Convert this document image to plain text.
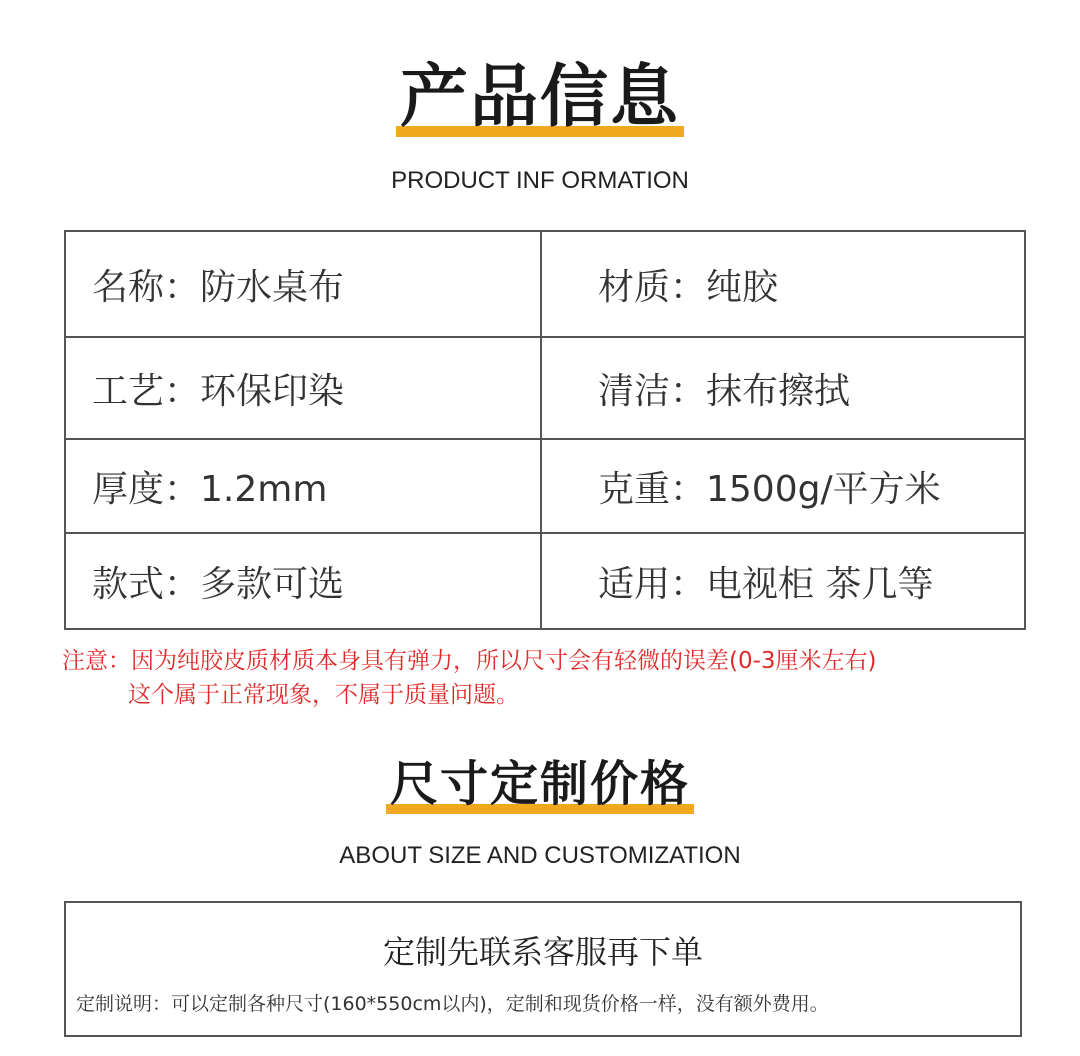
产品信息
PRODUCT INF ORMATION
名称：防水桌布	材质：纯胶
工艺：环保印染	清洁：抹布擦拭
厚度：1.2mm	克重：1500g/平方米
款式：多款可选	适用：电视柜 茶几等
注意：因为纯胶皮质材质本身具有弹力，所以尺寸会有轻微的误差(0-3厘米左右)
这个属于正常现象，不属于质量问题。
尺寸定制价格
ABOUT SIZE AND CUSTOMIZATION
定制先联系客服再下单
定制说明：可以定制各种尺寸(160*550cm以内)，定制和现货价格一样，没有额外费用。
